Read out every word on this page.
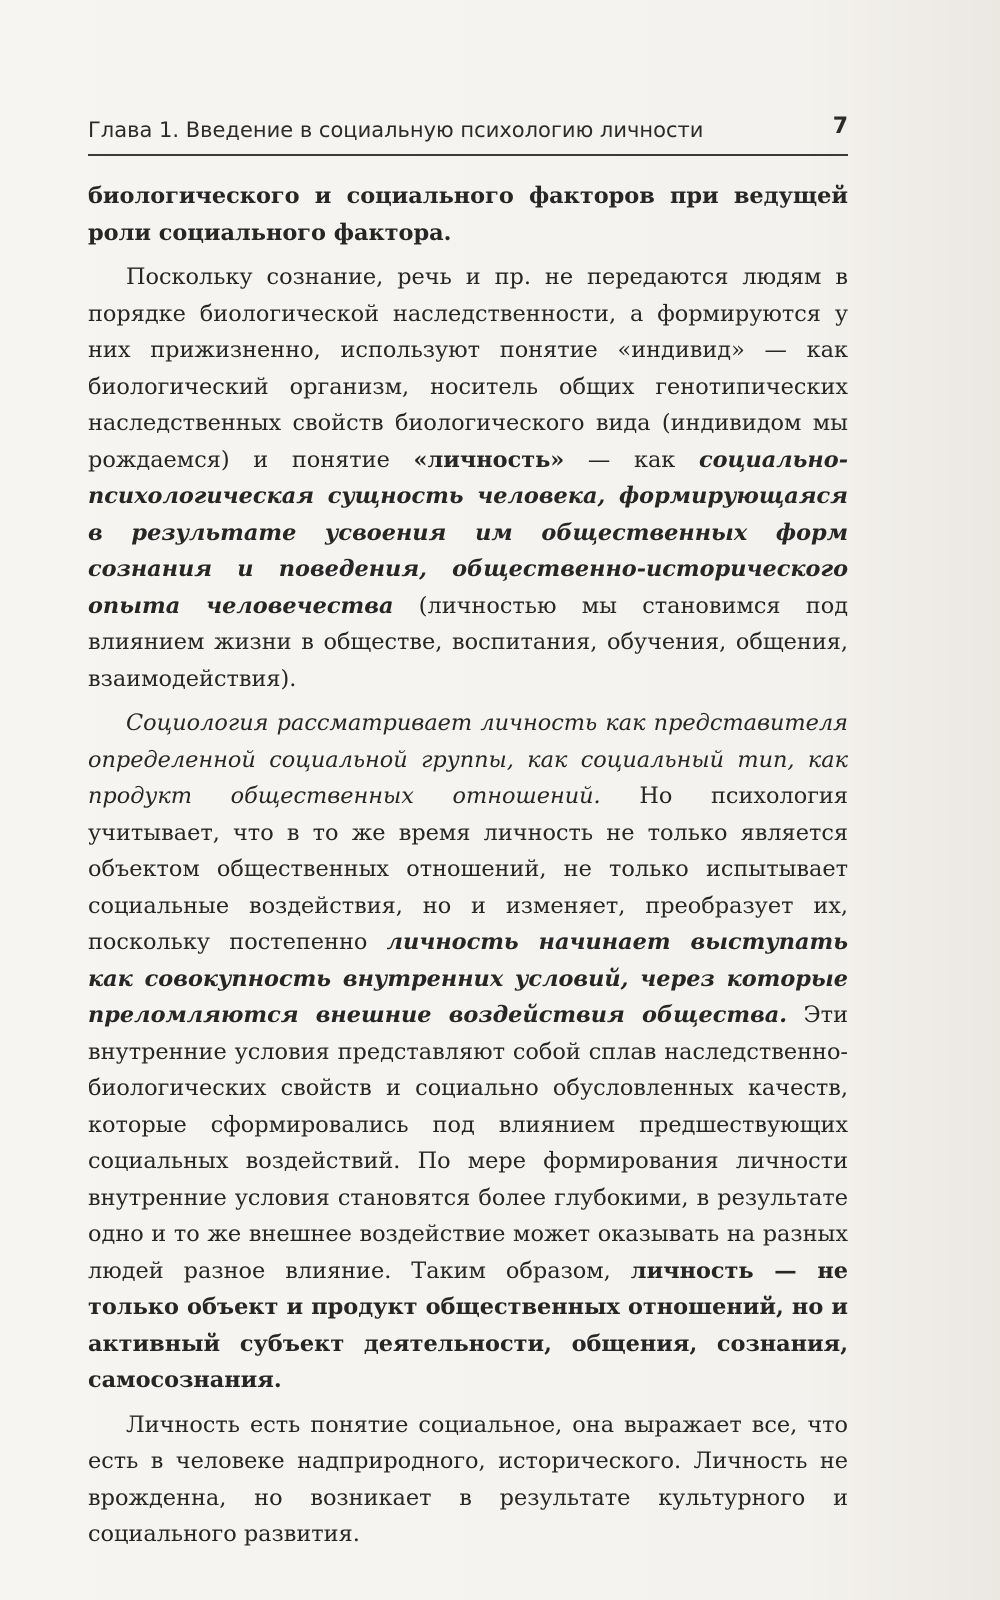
Глава 1. Введение в социальную психологию личности	7

биологического и социального факторов при ведущей роли социального фактора.

Поскольку сознание, речь и пр. не передаются людям в порядке биологической наследственности, а формируются у них прижизненно, используют понятие «индивид» — как биологический организм, носитель общих генотипических наследственных свойств биологического вида (индивидом мы рождаемся) и понятие «личность» — как социально-психологическая сущность человека, формирующаяся в результате усвоения им общественных форм сознания и поведения, общественно-исторического опыта человечества (личностью мы становимся под влиянием жизни в обществе, воспитания, обучения, общения, взаимодействия).

Социология рассматривает личность как представителя определенной социальной группы, как социальный тип, как продукт общественных отношений. Но психология учитывает, что в то же время личность не только является объектом общественных отношений, не только испытывает социальные воздействия, но и изменяет, преобразует их, поскольку постепенно личность начинает выступать как совокупность внутренних условий, через которые преломляются внешние воздействия общества. Эти внутренние условия представляют собой сплав наследственно-биологических свойств и социально обусловленных качеств, которые сформировались под влиянием предшествующих социальных воздействий. По мере формирования личности внутренние условия становятся более глубокими, в результате одно и то же внешнее воздействие может оказывать на разных людей разное влияние. Таким образом, личность — не только объект и продукт общественных отношений, но и активный субъект деятельности, общения, сознания, самосознания.

Личность есть понятие социальное, она выражает все, что есть в человеке надприродного, исторического. Личность не врожденна, но возникает в результате культурного и социального развития.
